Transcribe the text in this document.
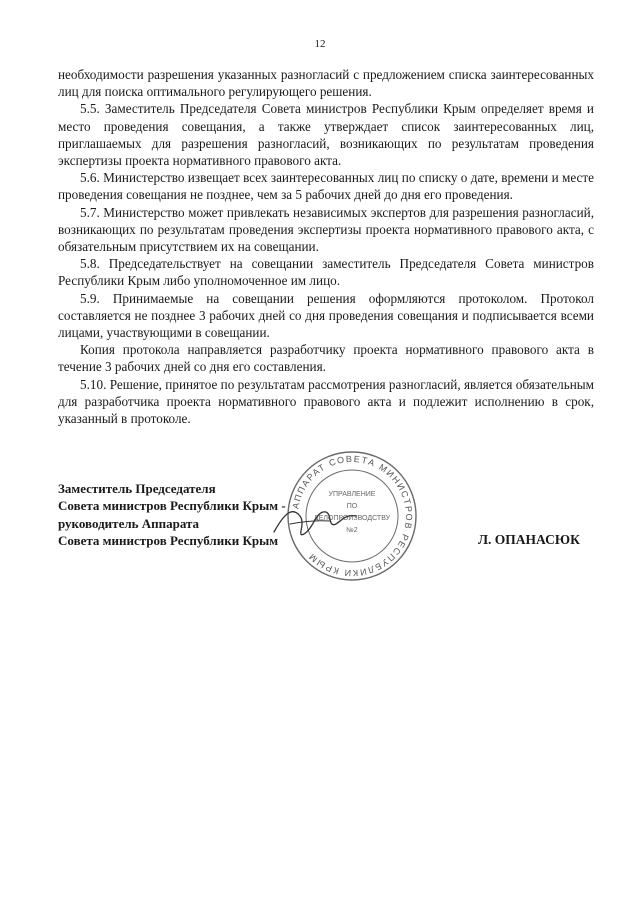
12

необходимости разрешения указанных разногласий с предложением списка заинтересованных лиц для поиска оптимального регулирующего решения.

5.5. Заместитель Председателя Совета министров Республики Крым определяет время и место проведения совещания, а также утверждает список заинтересованных лиц, приглашаемых для разрешения разногласий, возникающих по результатам проведения экспертизы проекта нормативного правового акта.

5.6. Министерство извещает всех заинтересованных лиц по списку о дате, времени и месте проведения совещания не позднее, чем за 5 рабочих дней до дня его проведения.

5.7. Министерство может привлекать независимых экспертов для разрешения разногласий, возникающих по результатам проведения экспертизы проекта нормативного правового акта, с обязательным присутствием их на совещании.

5.8. Председательствует на совещании заместитель Председателя Совета министров Республики Крым либо уполномоченное им лицо.

5.9. Принимаемые на совещании решения оформляются протоколом. Протокол составляется не позднее 3 рабочих дней со дня проведения совещания и подписывается всеми лицами, участвующими в совещании.

Копия протокола направляется разработчику проекта нормативного правового акта в течение 3 рабочих дней со дня его составления.

5.10. Решение, принятое по результатам рассмотрения разногласий, является обязательным для разработчика проекта нормативного правового акта и подлежит исполнению в срок, указанный в протоколе.

Заместитель Председателя
Совета министров Республики Крым -
руководитель Аппарата
Совета министров Республики Крым	Л. ОПАНАСЮК
АППАРАТ СОВЕТА МИНИСТРОВ РЕСПУБЛИКИ КРЫМ
УПРАВЛЕНИЕ
ПО
ДЕЛОПРОИЗВОДСТВУ
№2
